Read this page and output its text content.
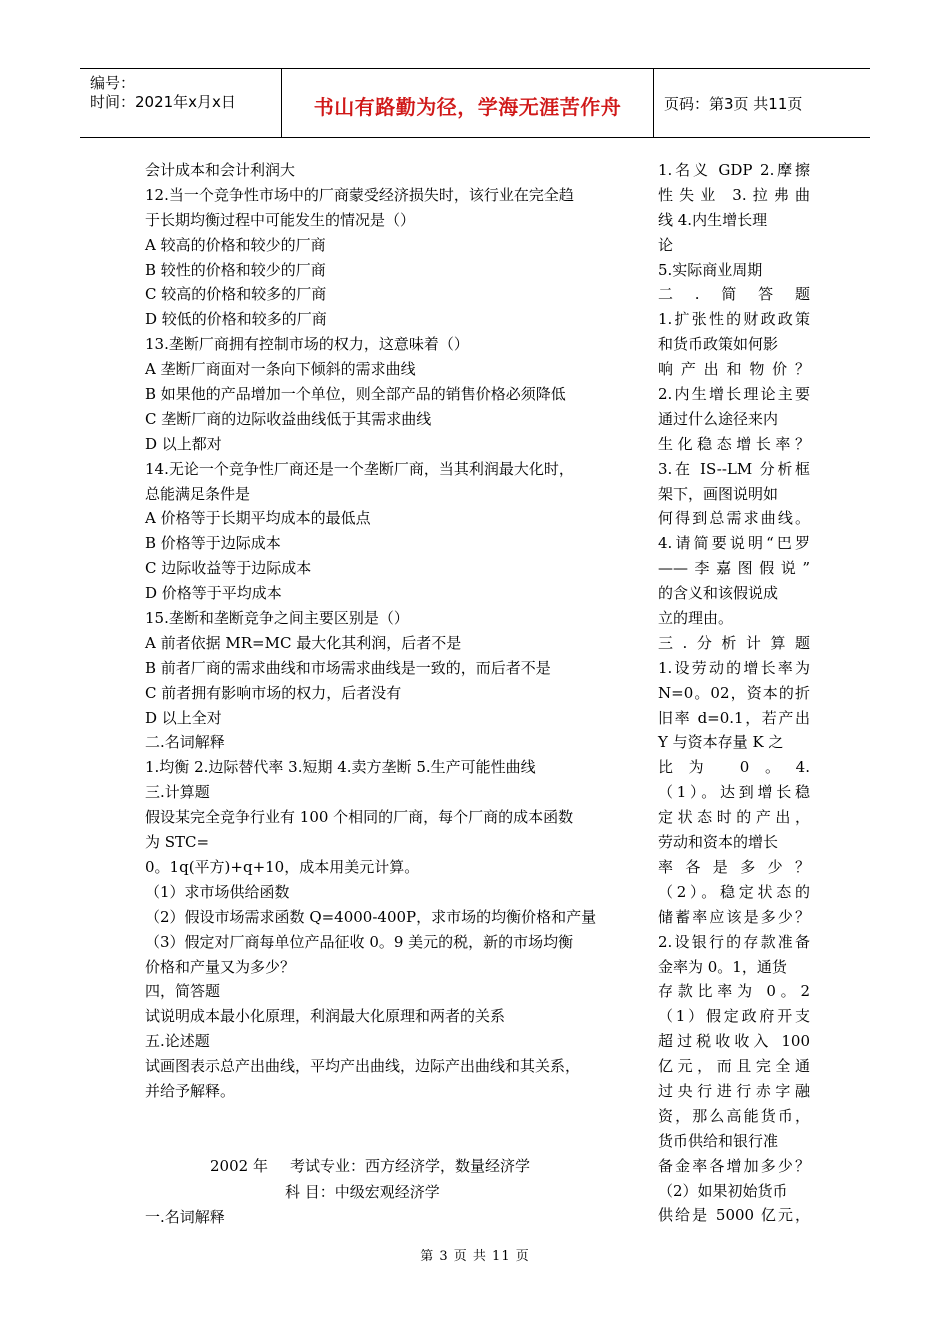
编号：
时间：2021年x月x日	书山有路勤为径，学海无涯苦作舟	页码：第3页 共11页
会计成本和会计利润大
12.当一个竞争性市场中的厂商蒙受经济损失时，该行业在完全趋
于长期均衡过程中可能发生的情况是（）
A 较高的价格和较少的厂商
B 较性的价格和较少的厂商
C 较高的价格和较多的厂商
D 较低的价格和较多的厂商
13.垄断厂商拥有控制市场的权力，这意味着（）
A 垄断厂商面对一条向下倾斜的需求曲线
B 如果他的产品增加一个单位，则全部产品的销售价格必须降低
C 垄断厂商的边际收益曲线低于其需求曲线
D 以上都对
14.无论一个竞争性厂商还是一个垄断厂商，当其利润最大化时，
总能满足条件是
A 价格等于长期平均成本的最低点
B 价格等于边际成本
C 边际收益等于边际成本
D 价格等于平均成本
15.垄断和垄断竞争之间主要区别是（）
A 前者依据 MR=MC 最大化其利润，后者不是
B 前者厂商的需求曲线和市场需求曲线是一致的，而后者不是
C 前者拥有影响市场的权力，后者没有
D 以上全对
二.名词解释
1.均衡 2.边际替代率 3.短期 4.卖方垄断 5.生产可能性曲线
三.计算题
假设某完全竞争行业有 100 个相同的厂商，每个厂商的成本函数
为 STC=
0。1q(平方)+q+10，成本用美元计算。
（1）求市场供给函数
（2）假设市场需求函数 Q=4000-400P，求市场的均衡价格和产量
（3）假定对厂商每单位产品征收 0。9 美元的税，新的市场均衡
价格和产量又为多少？
四，简答题
试说明成本最小化原理，利润最大化原理和两者的关系
五.论述题
试画图表示总产出曲线，平均产出曲线，边际产出曲线和其关系，
并给予解释。
2002 年 考试专业：西方经济学，数量经济学
科 目：中级宏观经济学
一.名词解释
1.名义 GDP 2.摩擦
性失业 3.拉弗曲
线 4.内生增长理
论
5.实际商业周期
二.简答题
1.扩张性的财政政策
和货币政策如何影
响产出和物价？
2.内生增长理论主要
通过什么途径来内
生化稳态增长率？
3.在 IS--LM 分析框
架下，画图说明如
何得到总需求曲线。
4.请简要说明“巴罗
——李嘉图假说”
的含义和该假说成
立的理由。
三.分析计算题
1.设劳动的增长率为
N=0。02，资本的折
旧率 d=0.1，若产出
Y 与资本存量 K 之
比为 0。4.
（1）。达到增长稳
定状态时的产出，
劳动和资本的增长
率各是多少？
（2）。稳定状态的
储蓄率应该是多少？
2.设银行的存款准备
金率为 0。1，通货
存款比率为 0。2
（1）假定政府开支
超过税收收入 100
亿元，而且完全通
过央行进行赤字融
资，那么高能货币，
货币供给和银行准
备金率各增加多少？
（2）如果初始货币
供给是 5000 亿元，
第 3 页 共 11 页
